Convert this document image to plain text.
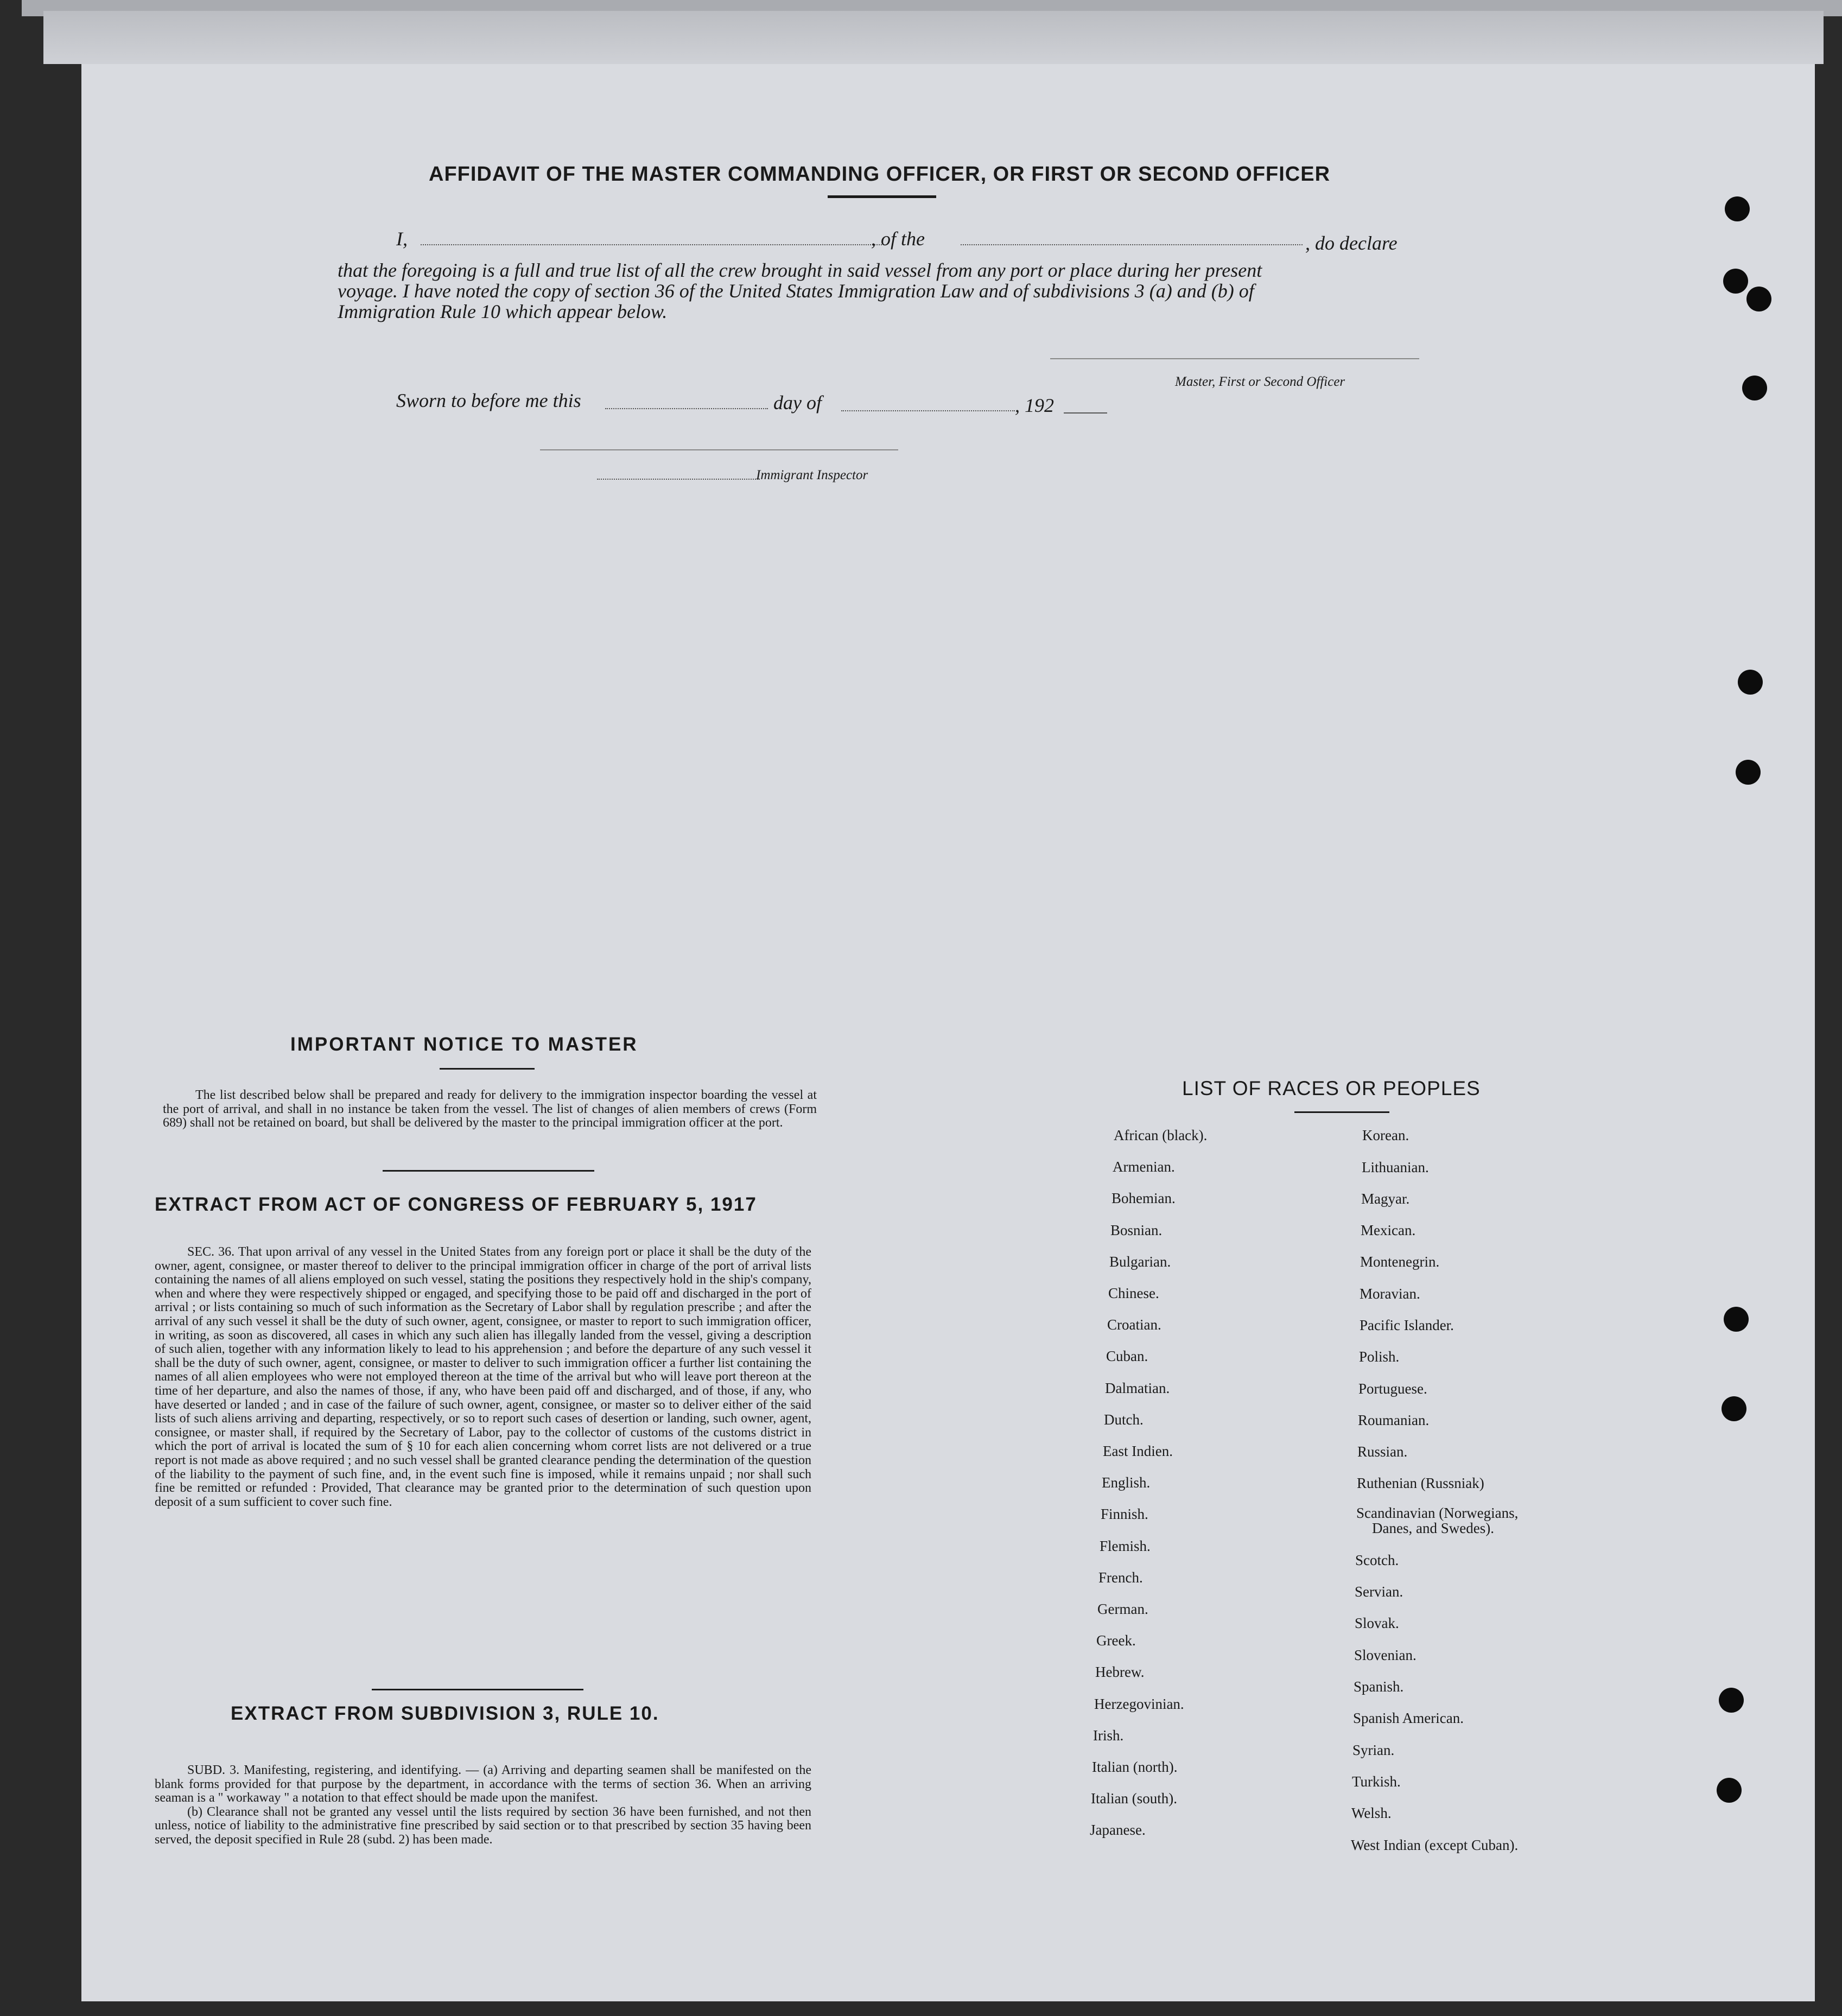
AFFIDAVIT OF THE MASTER COMMANDING OFFICER, OR FIRST OR SECOND OFFICER
I,	, of the	, do declare
that the foregoing is a full and true list of all the crew brought in said vessel from any port or place during her present
voyage. I have noted the copy of section 36 of the United States Immigration Law and of subdivisions 3 (a) and (b) of
Immigration Rule 10 which appear below.
Master, First or Second Officer
Sworn to before me this	day of	, 192
Immigrant Inspector
IMPORTANT NOTICE TO MASTER

The list described below shall be prepared and ready for delivery to the immigration inspector boarding the vessel at the port of arrival, and shall in no instance be taken from the vessel. The list of changes of alien members of crews (Form 689) shall not be retained on board, but shall be delivered by the master to the principal immigration officer at the port.

EXTRACT FROM ACT OF CONGRESS OF FEBRUARY 5, 1917

SEC. 36. That upon arrival of any vessel in the United States from any foreign port or place it shall be the duty of the owner, agent, consignee, or master thereof to deliver to the principal immigration officer in charge of the port of arrival lists containing the names of all aliens employed on such vessel, stating the positions they respectively hold in the ship's company, when and where they were respectively shipped or engaged, and specifying those to be paid off and discharged in the port of arrival ; or lists containing so much of such information as the Secretary of Labor shall by regulation prescribe ; and after the arrival of any such vessel it shall be the duty of such owner, agent, consignee, or master to report to such immigration officer, in writing, as soon as discovered, all cases in which any such alien has illegally landed from the vessel, giving a description of such alien, together with any information likely to lead to his apprehension ; and before the departure of any such vessel it shall be the duty of such owner, agent, consignee, or master to deliver to such immigration officer a further list containing the names of all alien employees who were not employed thereon at the time of the arrival but who will leave port thereon at the time of her departure, and also the names of those, if any, who have been paid off and discharged, and of those, if any, who have deserted or landed ; and in case of the failure of such owner, agent, consignee, or master so to deliver either of the said lists of such aliens arriving and departing, respectively, or so to report such cases of desertion or landing, such owner, agent, consignee, or master shall, if required by the Secretary of Labor, pay to the collector of customs of the customs district in which the port of arrival is located the sum of § 10 for each alien concerning whom corret lists are not delivered or a true report is not made as above required ; and no such vessel shall be granted clearance pending the determination of the question of the liability to the payment of such fine, and, in the event such fine is imposed, while it remains unpaid ; nor shall such fine be remitted or refunded : Provided, That clearance may be granted prior to the determination of such question upon deposit of a sum sufficient to cover such fine.

EXTRACT FROM SUBDIVISION 3, RULE 10.

SUBD. 3. Manifesting, registering, and identifying. — (a) Arriving and departing seamen shall be manifested on the blank forms provided for that purpose by the department, in accordance with the terms of section 36. When an arriving seaman is a " workaway " a notation to that effect should be made upon the manifest.

(b) Clearance shall not be granted any vessel until the lists required by section 36 have been furnished, and not then unless, notice of liability to the administrative fine prescribed by said section or to that prescribed by section 35 having been served, the deposit specified in Rule 28 (subd. 2) has been made.

LIST OF RACES OR PEOPLES
African (black).
Armenian.
Bohemian.
Bosnian.
Bulgarian.
Chinese.
Croatian.
Cuban.
Dalmatian.
Dutch.
East Indien.
English.
Finnish.
Flemish.
French.
German.
Greek.
Hebrew.
Herzegovinian.
Irish.
Italian (north).
Italian (south).
Japanese.
Korean.
Lithuanian.
Magyar.
Mexican.
Montenegrin.
Moravian.
Pacific Islander.
Polish.
Portuguese.
Roumanian.
Russian.
Ruthenian (Russniak)
Scandinavian (Norwegians,
Danes, and Swedes).
Scotch.
Servian.
Slovak.
Slovenian.
Spanish.
Spanish American.
Syrian.
Turkish.
Welsh.
West Indian (except Cuban).
